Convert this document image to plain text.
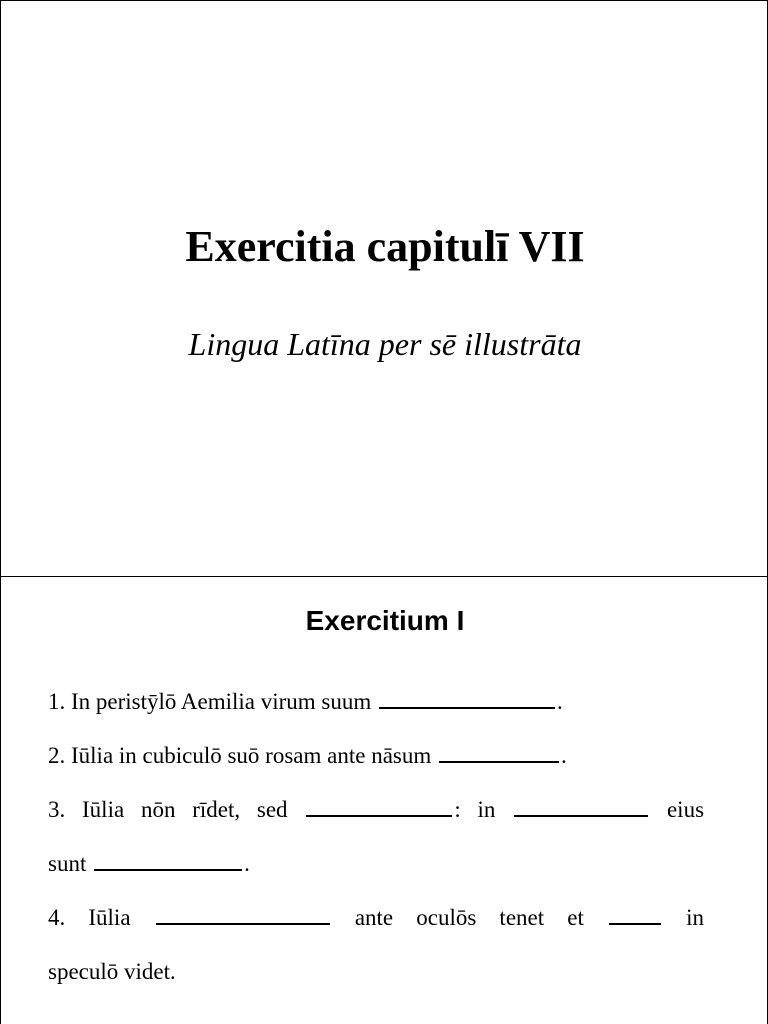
Exercitia capitulī VII
Lingua Latīna per sē illustrāta
Exercitium I
1. In peristȳlō Aemilia virum suum	.
2. Iūlia in cubiculō suō rosam ante nāsum	.
3. Iūlia nōn rīdet, sed	: in	eius
sunt	.
4. Iūlia	ante oculōs tenet et	in
speculō videt.
